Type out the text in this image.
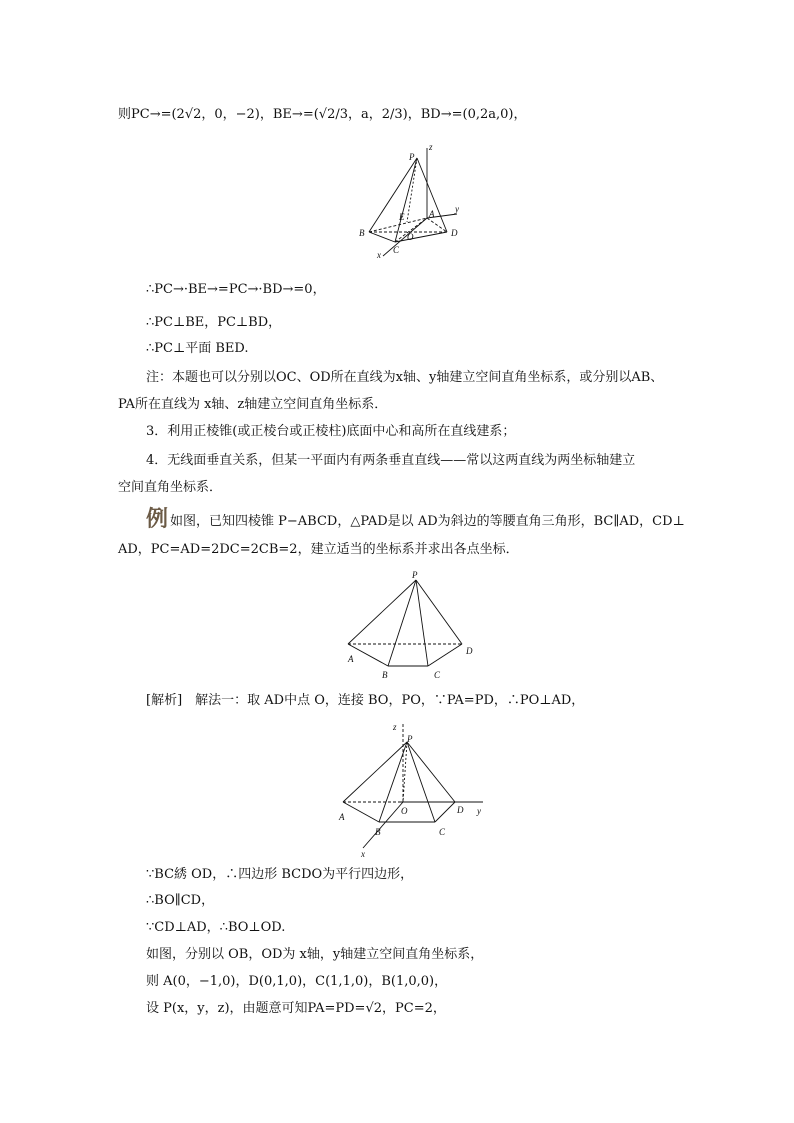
则PC→=(2√2，0，−2)，BE→=(√2/3，a，2/3)，BD→=(0,2a,0)，
P
z
E	A y
B	O	D
x C
∴PC→·BE→=PC→·BD→=0，
∴PC⊥BE，PC⊥BD，
∴PC⊥平面 BED.
注：本题也可以分别以OC、OD所在直线为x轴、y轴建立空间直角坐标系，或分别以AB、
PA所在直线为 x轴、z轴建立空间直角坐标系．
3．利用正棱锥(或正棱台或正棱柱)底面中心和高所在直线建系；
4．无线面垂直关系，但某一平面内有两条垂直直线——常以这两直线为两坐标轴建立
空间直角坐标系．
例 如图，已知四棱锥 P−ABCD，△PAD是以 AD为斜边的等腰直角三角形，BC∥AD，CD⊥
AD，PC=AD=2DC=2CB=2，建立适当的坐标系并求出各点坐标．
P
A
B	C
D
[解析]　解法一：取 AD中点 O，连接 BO，PO，∵PA=PD，∴PO⊥AD，
z
P
A
O	D y
B	C
x
∵BC綉 OD，∴四边形 BCDO为平行四边形，
∴BO∥CD，
∵CD⊥AD，∴BO⊥OD.
如图，分别以 OB，OD为 x轴，y轴建立空间直角坐标系，
则 A(0，−1,0)，D(0,1,0)，C(1,1,0)，B(1,0,0)，
设 P(x，y，z)，由题意可知PA=PD=√2，PC=2，
